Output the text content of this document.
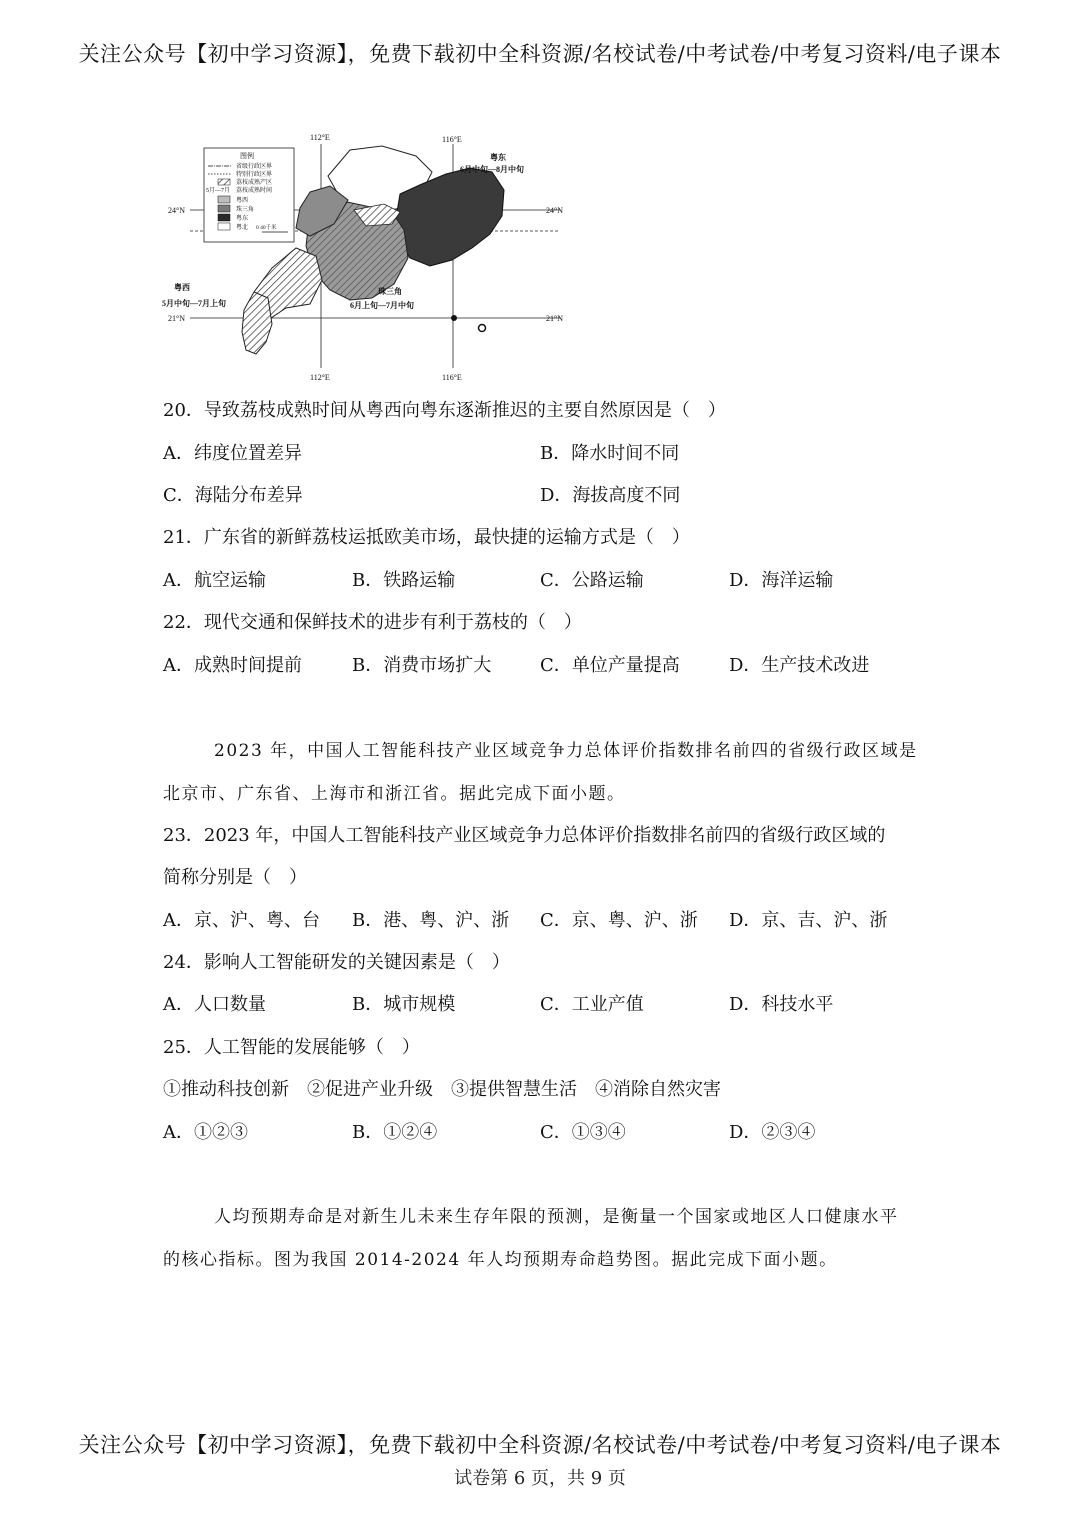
关注公众号【初中学习资源】，免费下载初中全科资源/名校试卷/中考试卷/中考复习资料/电子课本
图例
省级行政区界
特别行政区界
荔枝成熟产区
5月—7月 荔枝成熟时间
粤西
珠三角
粤东
粤北 0 40千米
112°E	116°E
112°E	116°E
24°N	24°N
21°N	21°N
粤东
6月中旬—8月中旬
粤西
5月中旬—7月上旬
珠三角
6月上旬—7月中旬
20．导致荔枝成熟时间从粤西向粤东逐渐推迟的主要自然原因是（　）
A．纬度位置差异	B．降水时间不同
C．海陆分布差异	D．海拔高度不同
21．广东省的新鲜荔枝运抵欧美市场，最快捷的运输方式是（　）
A．航空运输	B．铁路运输	C．公路运输	D．海洋运输
22．现代交通和保鲜技术的进步有利于荔枝的（　）
A．成熟时间提前	B．消费市场扩大	C．单位产量提高	D．生产技术改进
2023 年，中国人工智能科技产业区域竞争力总体评价指数排名前四的省级行政区域是
北京市、广东省、上海市和浙江省。据此完成下面小题。
23．2023 年，中国人工智能科技产业区域竞争力总体评价指数排名前四的省级行政区域的
简称分别是（　）
A．京、沪、粤、台 B．港、粤、沪、浙 C．京、粤、沪、浙 D．京、吉、沪、浙
24．影响人工智能研发的关键因素是（　）
A．人口数量	B．城市规模	C．工业产值	D．科技水平
25．人工智能的发展能够（　）
①推动科技创新　②促进产业升级　③提供智慧生活　④消除自然灾害
A．①②③	B．①②④	C．①③④	D．②③④
人均预期寿命是对新生儿未来生存年限的预测，是衡量一个国家或地区人口健康水平
的核心指标。图为我国 2014-2024 年人均预期寿命趋势图。据此完成下面小题。
关注公众号【初中学习资源】，免费下载初中全科资源/名校试卷/中考试卷/中考复习资料/电子课本
试卷第 6 页，共 9 页
